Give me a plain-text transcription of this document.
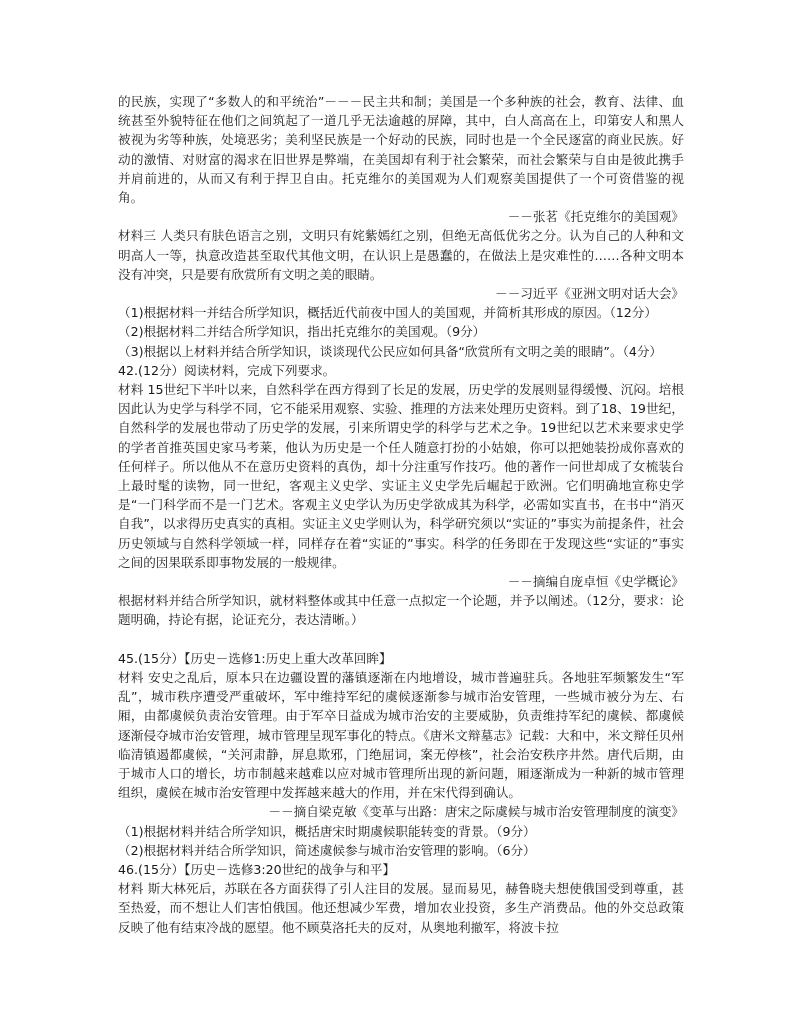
的民族，实现了“多数人的和平统治”－－－民主共和制；美国是一个多种族的社会，教育、法律、血统甚至外貌特征在他们之间筑起了一道几乎无法逾越的屏障，其中，白人高高在上，印第安人和黑人被视为劣等种族，处境恶劣；美利坚民族是一个好动的民族，同时也是一个全民逐富的商业民族。好动的激情、对财富的渴求在旧世界是弊端，在美国却有利于社会繁荣，而社会繁荣与自由是彼此携手并肩前进的，从而又有利于捍卫自由。托克维尔的美国观为人们观察美国提供了一个可资借鉴的视角。

－－张茗《托克维尔的美国观》

材料三 人类只有肤色语言之别，文明只有姹紫嫣红之别，但绝无高低优劣之分。认为自己的人种和文明高人一等，执意改造甚至取代其他文明，在认识上是愚蠢的，在做法上是灾难性的……各种文明本没有冲突，只是要有欣赏所有文明之美的眼睛。

－－习近平《亚洲文明对话大会》

（1)根据材料一并结合所学知识，概括近代前夜中国人的美国观，并简析其形成的原因。（12分）

（2)根据材料二并结合所学知识，指出托克维尔的美国观。（9分）

（3)根据以上材料并结合所学知识，谈谈现代公民应如何具备“欣赏所有文明之美的眼睛”。（4分）

42.(12分）阅读材料，完成下列要求。

材料 15世纪下半叶以来，自然科学在西方得到了长足的发展，历史学的发展则显得缓慢、沉闷。培根因此认为史学与科学不同，它不能采用观察、实验、推理的方法来处理历史资料。到了18、19世纪，自然科学的发展也带动了历史学的发展，引来所谓史学的科学与艺术之争。19世纪以艺术来要求史学的学者首推英国史家马考莱，他认为历史是一个任人随意打扮的小姑娘，你可以把她装扮成你喜欢的任何样子。所以他从不在意历史资料的真伪，却十分注重写作技巧。他的著作一问世却成了女梳装台上最时髦的读物，同一世纪，客观主义史学、实证主义史学先后崛起于欧洲。它们明确地宣称史学是“一门科学而不是一门艺术。客观主义史学认为历史学欲成其为科学，必需如实直书，在书中“消灭自我”，以求得历史真实的真相。实证主义史学则认为，科学研究须以“实证的”事实为前提条件，社会历史领域与自然科学领域一样，同样存在着“实证的”事实。科学的任务即在于发现这些“实证的”事实之间的因果联系即事物发展的一般规律。

－－摘编自庞卓恒《史学概论》

根据材料并结合所学知识，就材料整体或其中任意一点拟定一个论题，并予以阐述。（12分，要求：论题明确，持论有据，论证充分，表达清晰。）

45.(15分）【历史－选修1:历史上重大改革回眸】

材料 安史之乱后，原本只在边疆设置的藩镇逐渐在内地增设，城市普遍驻兵。各地驻军频繁发生“军乱”，城市秩序遭受严重破坏，军中维持军纪的虞候逐渐参与城市治安管理，一些城市被分为左、右厢，由都虞候负责治安管理。由于军卒日益成为城市治安的主要威胁，负责维持军纪的虞候、都虞候逐渐侵夺城市治安管理，城市管理呈现军事化的特点。《唐米文辩墓志》记载：大和中，米文辩任贝州临清镇遏都虞候，“关河肃静，屏息欺邪，门绝屈词，案无停核”，社会治安秩序井然。唐代后期，由于城市人口的增长，坊市制越来越难以应对城市管理所出现的新问题，厢逐渐成为一种新的城市管理组织，虞候在城市治安管理中发挥越来越大的作用，并在宋代得到确认。

－－摘自梁克敏《变革与出路：唐宋之际虞候与城市治安管理制度的演变》

（1)根据材料并结合所学知识，概括唐宋时期虞候职能转变的背景。（9分）

（2)根据材料并结合所学知识，简述虞候参与城市治安管理的影响。（6分）

46.(15分）【历史－选修3:20世纪的战争与和平】

材料 斯大林死后，苏联在各方面获得了引人注目的发展。显而易见，赫鲁晓夫想使俄国受到尊重，甚至热爱，而不想让人们害怕俄国。他还想减少军费，增加农业投资，多生产消费品。他的外交总政策反映了他有结束冷战的愿望。他不顾莫洛托夫的反对，从奥地利撤军，将波卡拉
